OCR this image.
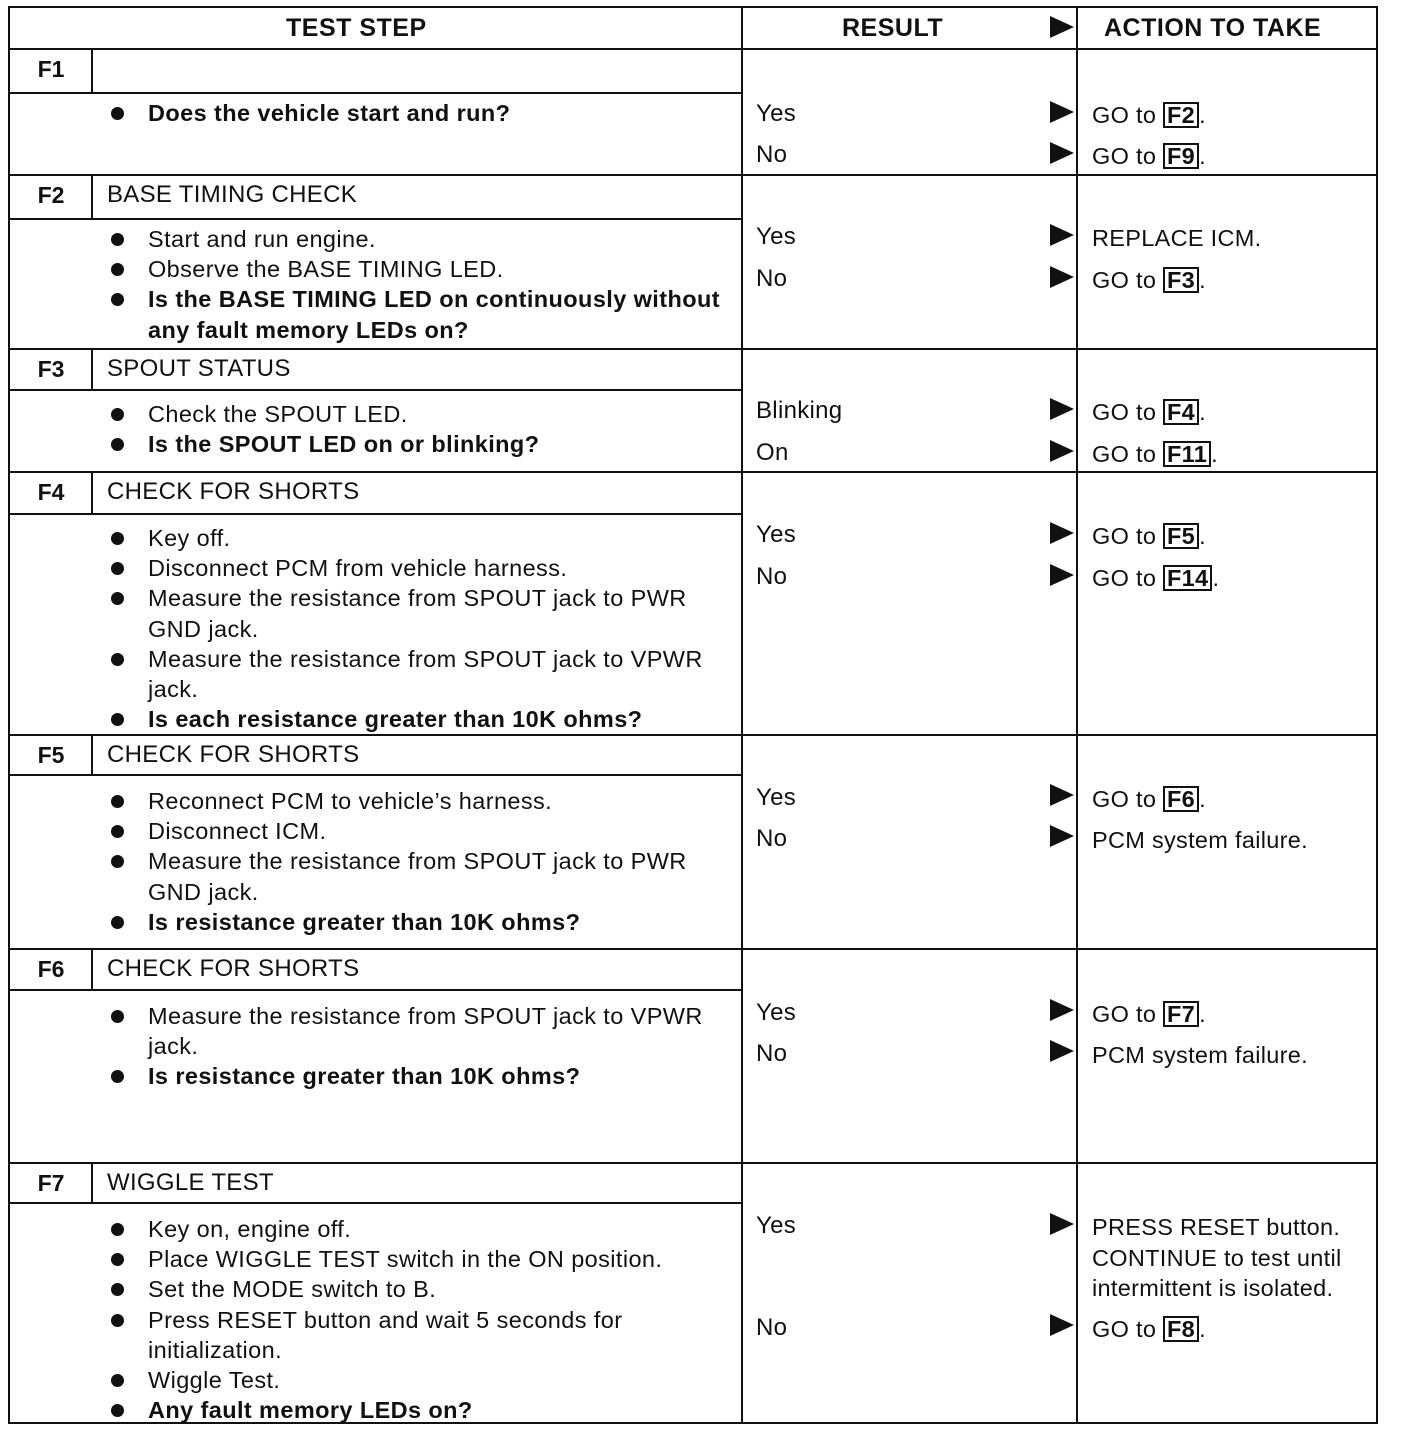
TEST STEP	RESULT	ACTION TO TAKE
F1
Does the vehicle start and run?	Yes	GO to F2 .
No	GO to F9 .
F2	BASE TIMING CHECK
Start and run engine.
Observe the BASE TIMING LED.
Is the BASE TIMING LED on continuously without any fault memory LEDs on?
Yes	REPLACE ICM.
No	GO to F3 .
F3	SPOUT STATUS
Check the SPOUT LED.
Is the SPOUT LED on or blinking?
Blinking	GO to F4 .
On	GO to F11 .
F4	CHECK FOR SHORTS
Key off.
Disconnect PCM from vehicle harness.
Measure the resistance from SPOUT jack to PWR GND jack.
Measure the resistance from SPOUT jack to VPWR jack.
Is each resistance greater than 10K ohms?
Yes	GO to F5 .
No	GO to F14 .
F5	CHECK FOR SHORTS
Reconnect PCM to vehicle’s harness.
Disconnect ICM.
Measure the resistance from SPOUT jack to PWR GND jack.
Is resistance greater than 10K ohms?
Yes	GO to F6 .
No	PCM system failure.
F6	CHECK FOR SHORTS
Measure the resistance from SPOUT jack to VPWR jack.
Is resistance greater than 10K ohms?
Yes	GO to F7 .
No	PCM system failure.
F7	WIGGLE TEST
Key on, engine off.
Place WIGGLE TEST switch in the ON position.
Set the MODE switch to B.
Press RESET button and wait 5 seconds for initialization.
Wiggle Test.
Any fault memory LEDs on?
Yes	PRESS RESET button. CONTINUE to test until intermittent is isolated.
No	GO to F8 .
